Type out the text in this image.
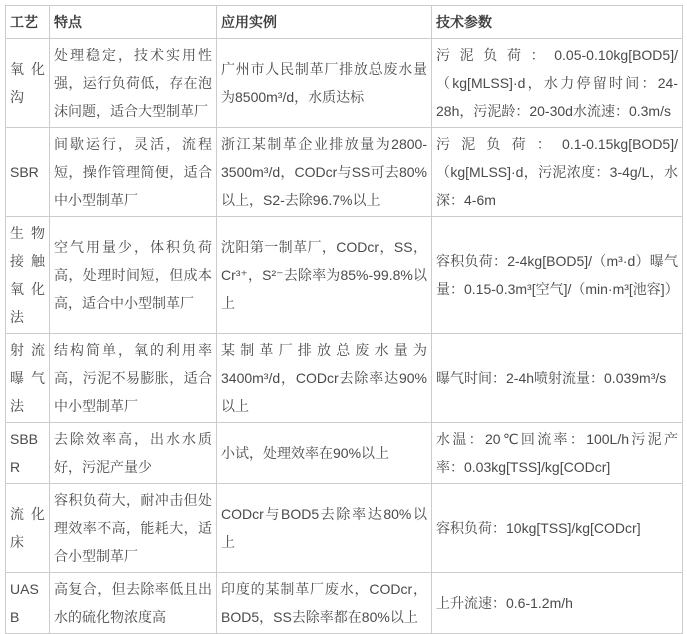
工艺	特点	应用实例	技术参数
氧化沟	处理稳定，技术实用性强，运行负荷低，存在泡沫问题，适合大型制革厂	广州市人民制革厂排放总废水量为8500m³/d，水质达标	污泥负荷：0.05-0.10kg[BOD5]/（kg[MLSS]·d，水力停留时间：24-28h，污泥龄：20-30d水流速：0.3m/s
SBR	间歇运行，灵活，流程短，操作管理简便，适合中小型制革厂	浙江某制革企业排放量为2800-3500m³/d，CODcr与SS可去80%以上，S2-去除96.7%以上	污泥负荷：0.1-0.15kg[BOD5]/（kg[MLSS]·d，污泥浓度：3-4g/L，水深：4-6m
生物接触氧化法	空气用量少，体积负荷高，处理时间短，但成本高，适合中小型制革厂	沈阳第一制革厂，CODcr，SS，Cr³⁺，S²⁻去除率为85%-99.8%以上	容积负荷：2-4kg[BOD5]/（m³·d）曝气量：0.15-0.3m³[空气]/（min·m³[池容]）
射流曝气法	结构简单，氧的利用率高，污泥不易膨胀，适合中小型制革厂	某制革厂排放总废水量为3400m³/d，CODcr去除率达90%以上	曝气时间：2-4h喷射流量：0.039m³/s
SBBR	去除效率高，出水水质好，污泥产量少	小试，处理效率在90%以上	水温：20℃回流率：100L/h污泥产率：0.03kg[TSS]/kg[CODcr]
流化床	容积负荷大，耐冲击但处理效率不高，能耗大，适合小型制革厂	CODcr与BOD5去除率达80%以上	容积负荷：10kg[TSS]/kg[CODcr]
UASB	高复合，但去除率低且出水的硫化物浓度高	印度的某制革厂废水，CODcr，BOD5，SS去除率都在80%以上	上升流速：0.6-1.2m/h
